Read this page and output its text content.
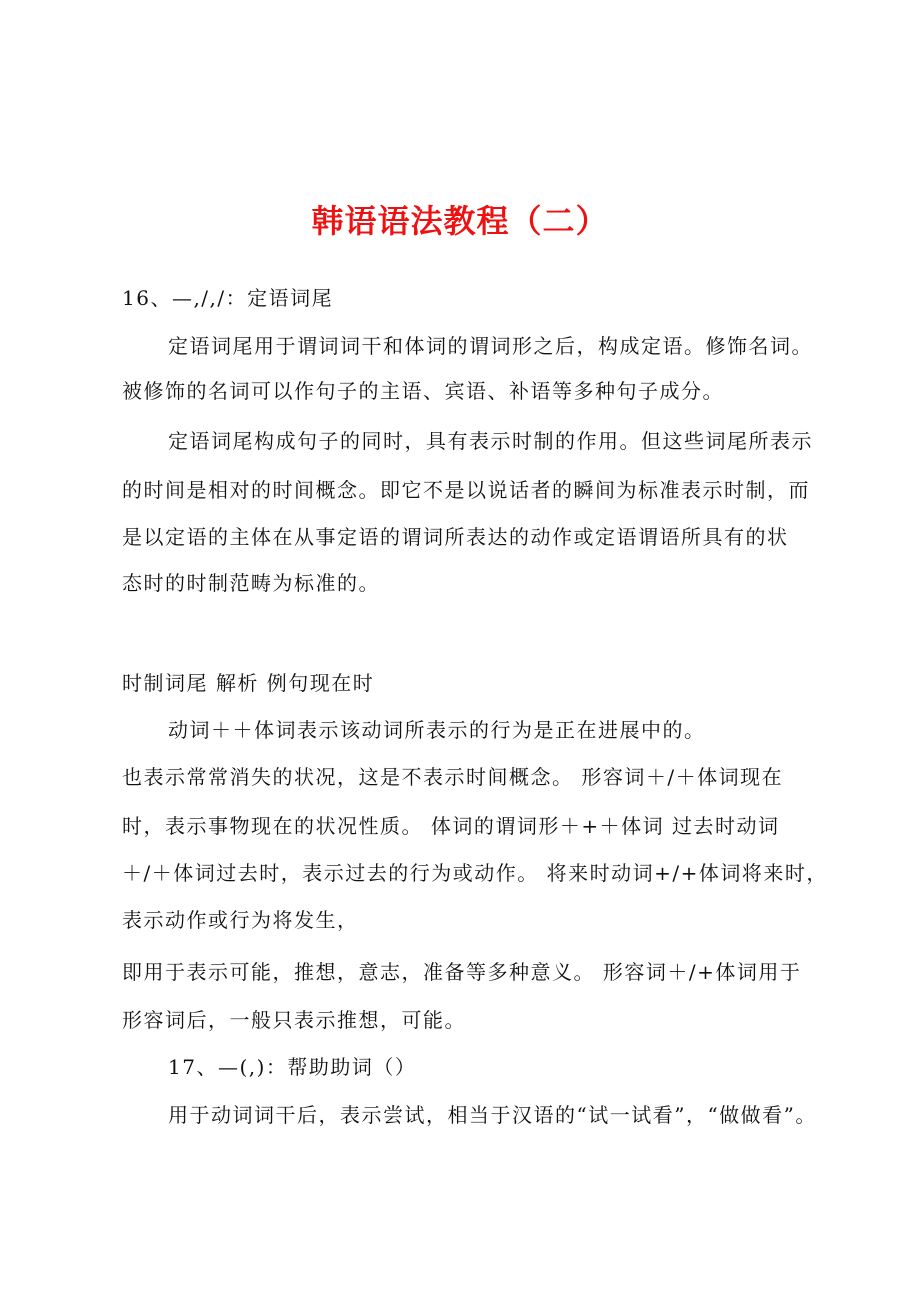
韩语语法教程（二）
16、—,/,/：定语词尾
定语词尾用于谓词词干和体词的谓词形之后，构成定语。修饰名词。
被修饰的名词可以作句子的主语、宾语、补语等多种句子成分。
定语词尾构成句子的同时，具有表示时制的作用。但这些词尾所表示
的时间是相对的时间概念。即它不是以说话者的瞬间为标准表示时制，而
是以定语的主体在从事定语的谓词所表达的动作或定语谓语所具有的状
态时的时制范畴为标准的。
时制词尾 解析 例句现在时
动词＋＋体词表示该动词所表示的行为是正在进展中的。
也表示常常消失的状况，这是不表示时间概念。 形容词＋/＋体词现在
时，表示事物现在的状况性质。 体词的谓词形＋+＋体词 过去时动词
＋/＋体词过去时，表示过去的行为或动作。 将来时动词+/+体词将来时，
表示动作或行为将发生，
即用于表示可能，推想，意志，准备等多种意义。 形容词＋/+体词用于
形容词后，一般只表示推想，可能。
17、—(,)：帮助助词（）
用于动词词干后，表示尝试，相当于汉语的“试一试看”，“做做看”。
